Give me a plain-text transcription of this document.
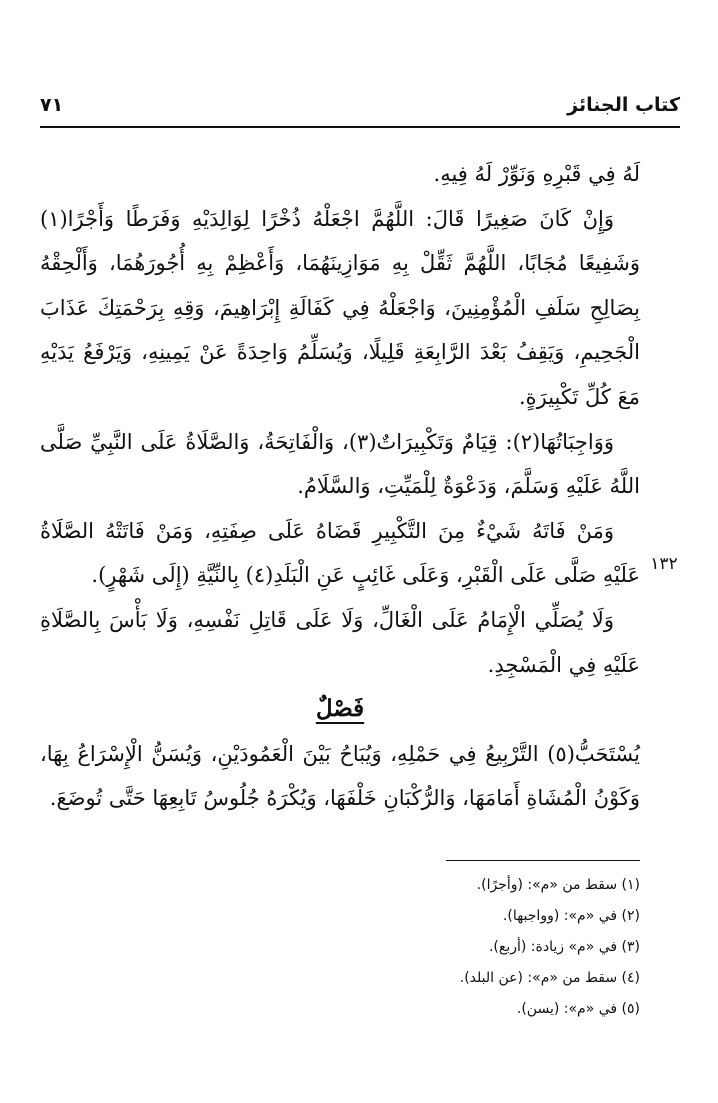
كتاب الجنائز
٧١
١٣٢

لَهُ فِي قَبْرِهِ وَنَوِّرْ لَهُ فِيهِ.

وَإِنْ كَانَ صَغِيرًا قَالَ: اللَّهُمَّ اجْعَلْهُ ذُخْرًا لِوَالِدَيْهِ وَفَرَطًا وَأَجْرًا(١) وَشَفِيعًا مُجَابًا، اللَّهُمَّ ثَقِّلْ بِهِ مَوَازِينَهُمَا، وَأَعْظِمْ بِهِ أُجُورَهُمَا، وَأَلْحِقْهُ بِصَالِحِ سَلَفِ الْمُؤْمِنِينَ، وَاجْعَلْهُ فِي كَفَالَةِ إِبْرَاهِيمَ، وَقِهِ بِرَحْمَتِكَ عَذَابَ الْجَحِيمِ، وَيَقِفُ بَعْدَ الرَّابِعَةِ قَلِيلًا، وَيُسَلِّمُ وَاحِدَةً عَنْ يَمِينِهِ، وَيَرْفَعُ يَدَيْهِ مَعَ كُلِّ تَكْبِيرَةٍ.

وَوَاجِبَاتُهَا(٢): قِيَامٌ وَتَكْبِيرَاتٌ(٣)، وَالْفَاتِحَةُ، وَالصَّلَاةُ عَلَى النَّبِيِّ صَلَّى اللَّهُ عَلَيْهِ وَسَلَّمَ، وَدَعْوَةٌ لِلْمَيِّتِ، وَالسَّلَامُ.

وَمَنْ فَاتَهُ شَيْءٌ مِنَ التَّكْبِيرِ قَضَاهُ عَلَى صِفَتِهِ، وَمَنْ فَاتَتْهُ الصَّلَاةُ عَلَيْهِ صَلَّى عَلَى الْقَبْرِ، وَعَلَى غَائِبٍ عَنِ الْبَلَدِ(٤) بِالنِّيَّةِ (إِلَى شَهْرٍ).

وَلَا يُصَلِّي الْإِمَامُ عَلَى الْغَالِّ، وَلَا عَلَى قَاتِلِ نَفْسِهِ، وَلَا بَأْسَ بِالصَّلَاةِ عَلَيْهِ فِي الْمَسْجِدِ.

فَصْلٌ

يُسْتَحَبُّ(٥) التَّرْبِيعُ فِي حَمْلِهِ، وَيُبَاحُ بَيْنَ الْعَمُودَيْنِ، وَيُسَنُّ الْإِسْرَاعُ بِهَا، وَكَوْنُ الْمُشَاةِ أَمَامَهَا، وَالرُّكْبَانِ خَلْفَهَا، وَيُكْرَهُ جُلُوسُ تَابِعِهَا حَتَّى تُوضَعَ.

(١) سقط من «م»: (وأجرًا).
(٢) في «م»: (وواجبها).
(٣) في «م» زيادة: (أربع).
(٤) سقط من «م»: (عن البلد).
(٥) في «م»: (يسن).
